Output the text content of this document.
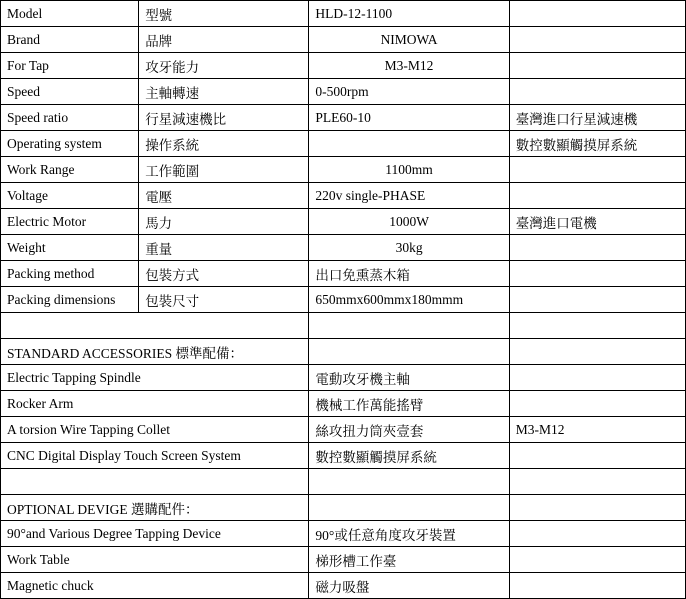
Model	型號	HLD-12-1100	
Brand	品牌	NIMOWA	
For Tap	攻牙能力	M3-M12	
Speed	主軸轉速	0-500rpm	
Speed ratio	行星減速機比	PLE60-10	臺灣進口行星減速機
Operating system	操作系統		數控數顯觸摸屏系統
Work Range	工作範圍	1100mm	
Voltage	電壓	220v single-PHASE	
Electric Motor	馬力	1000W	臺灣進口電機
Weight	重量	30kg	
Packing method	包裝方式	出口免熏蒸木箱	
Packing dimensions	包裝尺寸	650mmx600mmx180mmm	

STANDARD ACCESSORIES 標準配備：			
Electric Tapping Spindle		電動攻牙機主軸	
Rocker Arm		機械工作萬能搖臂	
A torsion Wire Tapping Collet		絲攻扭力筒夾壹套	M3-M12
CNC Digital Display Touch Screen System		數控數顯觸摸屏系統	

OPTIONAL DEVIGE 選購配件：			
90°and Various Degree Tapping Device		90°或任意角度攻牙裝置	
Work Table		梯形槽工作臺	
Magnetic chuck		磁力吸盤	
